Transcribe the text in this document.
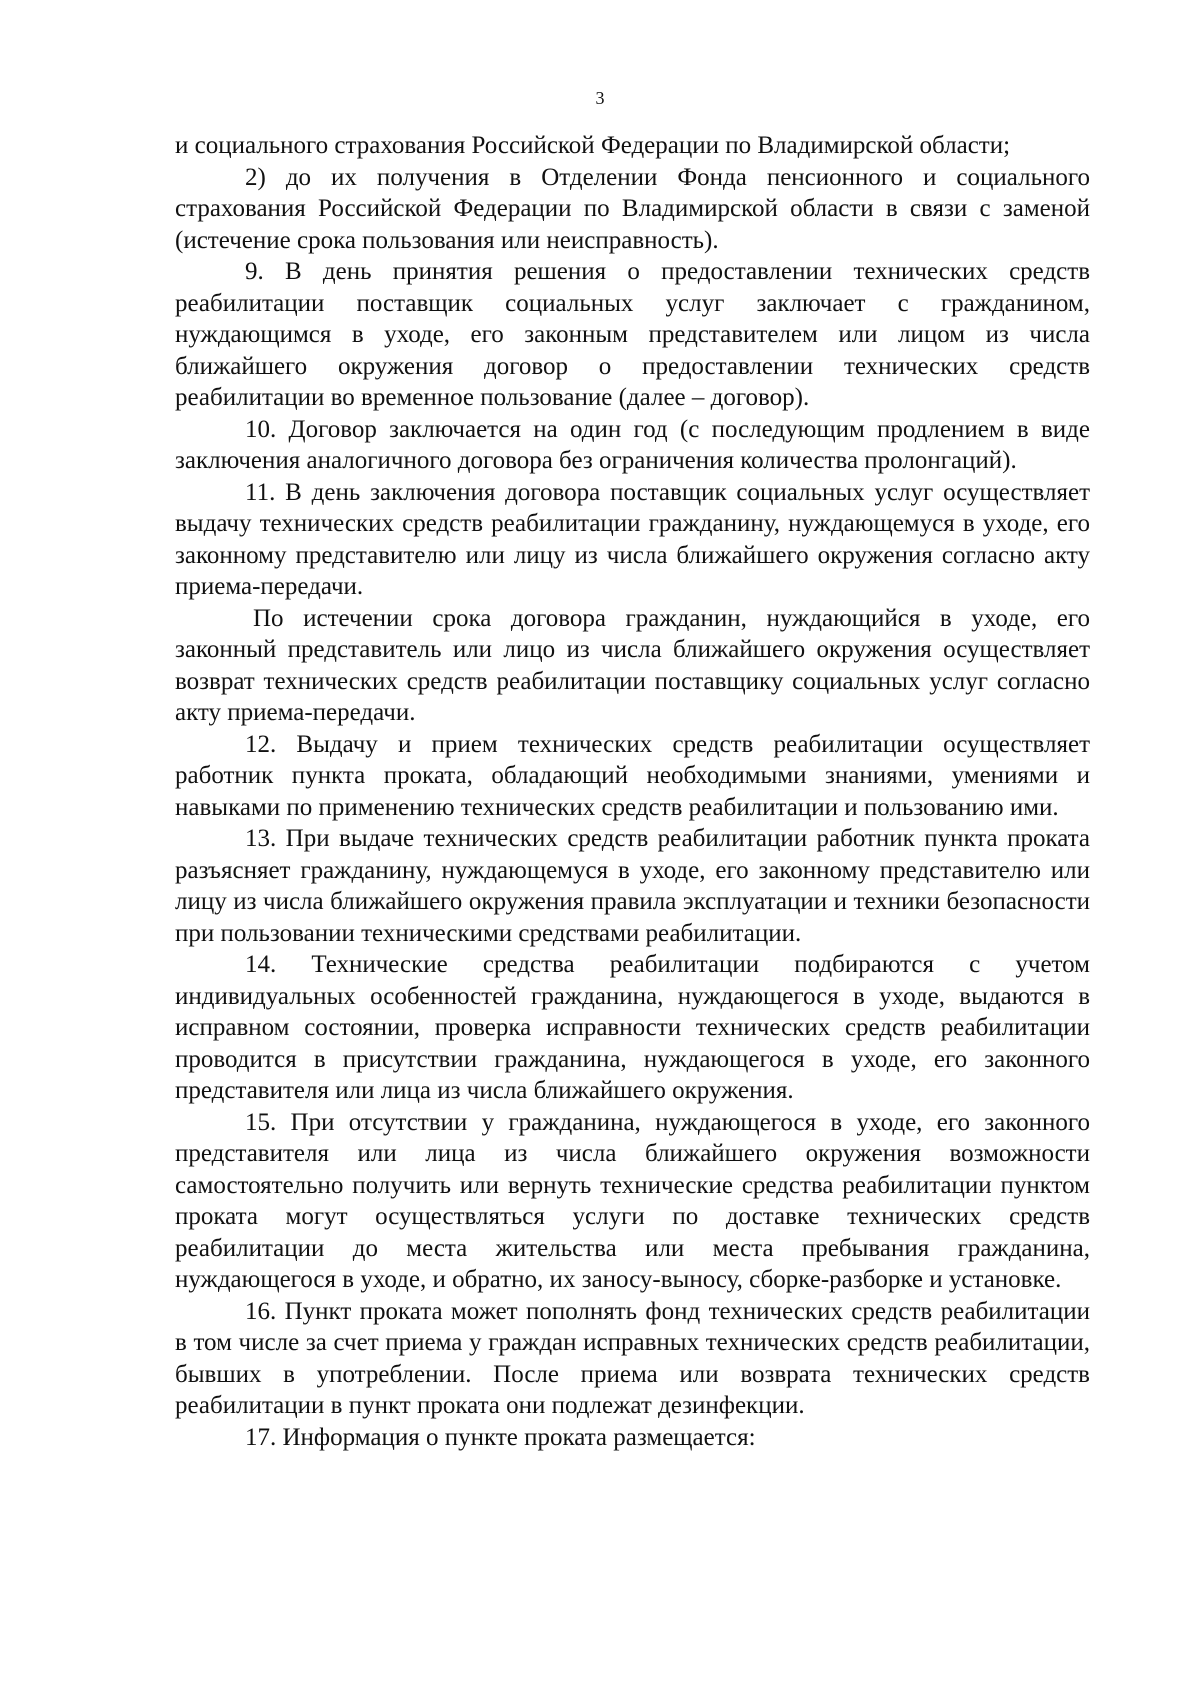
3

и социального страхования Российской Федерации по Владимирской области;

2) до их получения в Отделении Фонда пенсионного и социального страхования Российской Федерации по Владимирской области в связи с заменой (истечение срока пользования или неисправность).

9. В день принятия решения о предоставлении технических средств реабилитации поставщик социальных услуг заключает с гражданином, нуждающимся в уходе, его законным представителем или лицом из числа ближайшего окружения договор о предоставлении технических средств реабилитации во временное пользование (далее – договор).

10. Договор заключается на один год (с последующим продлением в виде заключения аналогичного договора без ограничения количества пролонгаций).

11. В день заключения договора поставщик социальных услуг осуществляет выдачу технических средств реабилитации гражданину, нуждающемуся в уходе, его законному представителю или лицу из числа ближайшего окружения согласно акту приема-передачи.

По истечении срока договора гражданин, нуждающийся в уходе, его законный представитель или лицо из числа ближайшего окружения осуществляет возврат технических средств реабилитации поставщику социальных услуг согласно акту приема-передачи.

12. Выдачу и прием технических средств реабилитации осуществляет работник пункта проката, обладающий необходимыми знаниями, умениями и навыками по применению технических средств реабилитации и пользованию ими.

13. При выдаче технических средств реабилитации работник пункта проката разъясняет гражданину, нуждающемуся в уходе, его законному представителю или лицу из числа ближайшего окружения правила эксплуатации и техники безопасности при пользовании техническими средствами реабилитации.

14. Технические средства реабилитации подбираются с учетом индивидуальных особенностей гражданина, нуждающегося в уходе, выдаются в исправном состоянии, проверка исправности технических средств реабилитации проводится в присутствии гражданина, нуждающегося в уходе, его законного представителя или лица из числа ближайшего окружения.

15. При отсутствии у гражданина, нуждающегося в уходе, его законного представителя или лица из числа ближайшего окружения возможности самостоятельно получить или вернуть технические средства реабилитации пунктом проката могут осуществляться услуги по доставке технических средств реабилитации до места жительства или места пребывания гражданина, нуждающегося в уходе, и обратно, их заносу-выносу, сборке-разборке и установке.

16. Пункт проката может пополнять фонд технических средств реабилитации в том числе за счет приема у граждан исправных технических средств реабилитации, бывших в употреблении. После приема или возврата технических средств реабилитации в пункт проката они подлежат дезинфекции.

17. Информация о пункте проката размещается:
